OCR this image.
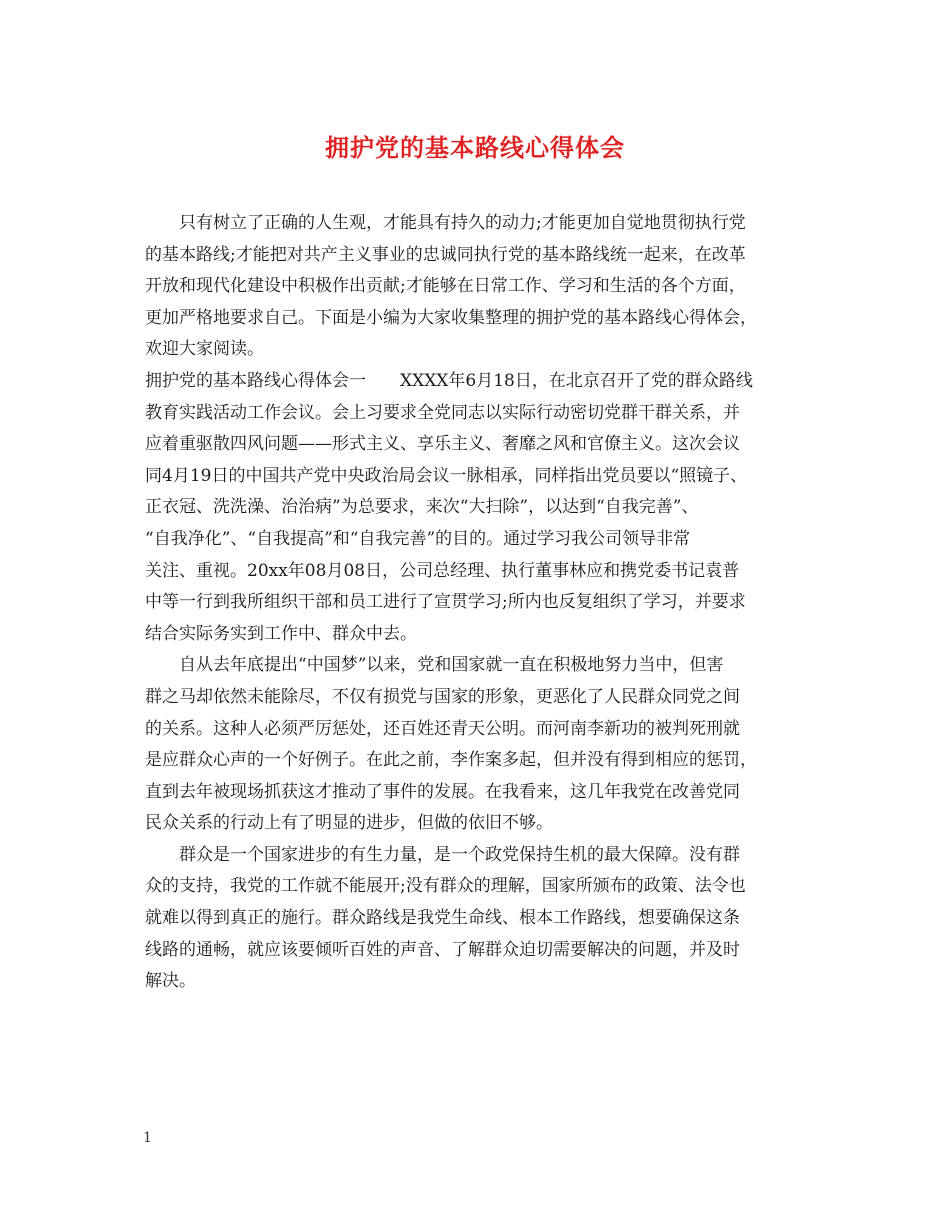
拥护党的基本路线心得体会

只有树立了正确的人生观，才能具有持久的动力;才能更加自觉地贯彻执行党
的基本路线;才能把对共产主义事业的忠诚同执行党的基本路线统一起来，在改革
开放和现代化建设中积极作出贡献;才能够在日常工作、学习和生活的各个方面，
更加严格地要求自己。下面是小编为大家收集整理的拥护党的基本路线心得体会，
欢迎大家阅读。

拥护党的基本路线心得体会一　　XXXX年6月18日，在北京召开了党的群众路线
教育实践活动工作会议。会上习要求全党同志以实际行动密切党群干群关系，并
应着重驱散四风问题——形式主义、享乐主义、奢靡之风和官僚主义。这次会议
同4月19日的中国共产党中央政治局会议一脉相承，同样指出党员要以“照镜子、
正衣冠、洗洗澡、治治病”为总要求，来次“大扫除”，以达到“自我完善”、
“自我净化”、“自我提高”和“自我完善”的目的。通过学习我公司领导非常
关注、重视。20xx年08月08日，公司总经理、执行董事林应和携党委书记袁普
中等一行到我所组织干部和员工进行了宣贯学习;所内也反复组织了学习，并要求
结合实际务实到工作中、群众中去。

自从去年底提出“中国梦”以来，党和国家就一直在积极地努力当中，但害
群之马却依然未能除尽，不仅有损党与国家的形象，更恶化了人民群众同党之间
的关系。这种人必须严厉惩处，还百姓还青天公明。而河南李新功的被判死刑就
是应群众心声的一个好例子。在此之前，李作案多起，但并没有得到相应的惩罚，
直到去年被现场抓获这才推动了事件的发展。在我看来，这几年我党在改善党同
民众关系的行动上有了明显的进步，但做的依旧不够。

群众是一个国家进步的有生力量，是一个政党保持生机的最大保障。没有群
众的支持，我党的工作就不能展开;没有群众的理解，国家所颁布的政策、法令也
就难以得到真正的施行。群众路线是我党生命线、根本工作路线，想要确保这条
线路的通畅，就应该要倾听百姓的声音、了解群众迫切需要解决的问题，并及时
解决。

1
